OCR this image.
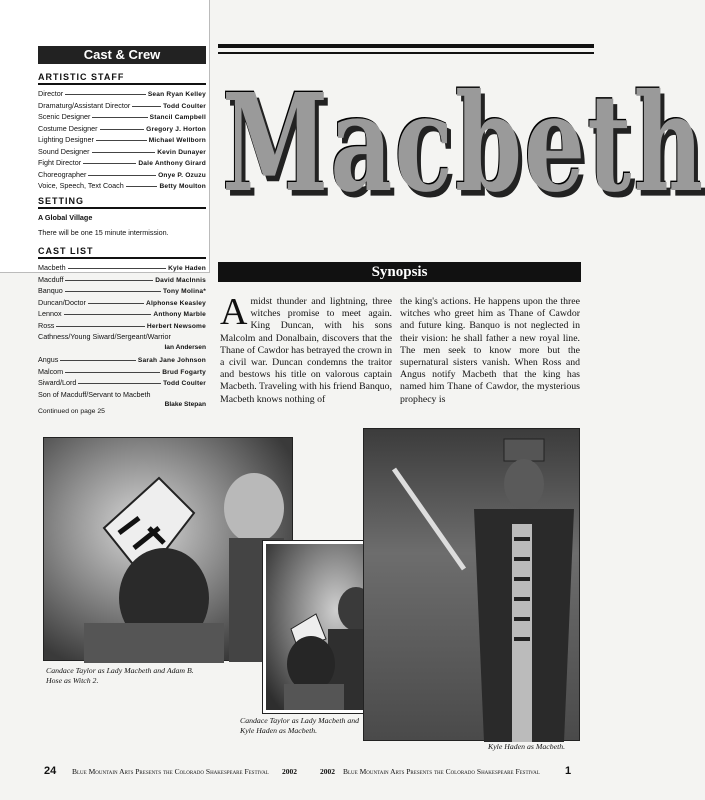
Cast & Crew
ARTISTIC STAFF
Director	Sean Ryan Kelley
Dramaturg/Assistant Director	Todd Coulter
Scenic Designer	Stancil Campbell
Costume Designer	Gregory J. Horton
Lighting Designer	Michael Wellborn
Sound Designer	Kevin Dunayer
Fight Director	Dale Anthony Girard
Choreographer	Onye P. Ozuzu
Voice, Speech, Text Coach	Betty Moulton
SETTING
A Global Village
There will be one 15 minute intermission.
CAST LIST
Macbeth	Kyle Haden
Macduff	David MacInnis
Banquo	Tony Molina*
Duncan/Doctor	Alphonse Keasley
Lennox	Anthony Marble
Ross	Herbert Newsome
Cathness/Young Siward/Sergeant/Warrior
Ian Andersen
Angus	Sarah Jane Johnson
Malcom	Brud Fogarty
Siward/Lord	Todd Coulter
Son of Macduff/Servant to Macbeth
Blake Stepan
Continued on page 25
Macbeth
Synopsis
Amidst thunder and lightning, three witches promise to meet again. King Duncan, with his sons Malcolm and Donalbain, discovers that the Thane of Cawdor has betrayed the crown in a civil war. Duncan condemns the traitor and bestows his title on valorous captain Macbeth. Traveling with his friend Banquo, Macbeth knows nothing of
the king's actions. He happens upon the three witches who greet him as Thane of Cawdor and future king. Banquo is not neglected in their vision: he shall father a new royal line. The men seek to know more but the supernatural sisters vanish. When Ross and Angus notify Macbeth that the king has named him Thane of Cawdor, the mysterious prophecy is
Candace Taylor as Lady Macbeth and Adam B. Hose as Witch 2.
Candace Taylor as Lady Macbeth and Kyle Haden as Macbeth.
Kyle Haden as Macbeth.
24 Blue Mountain Arts Presents the Colorado Shakespeare Festival 2002	2002 Blue Mountain Arts Presents the Colorado Shakespeare Festival 1
